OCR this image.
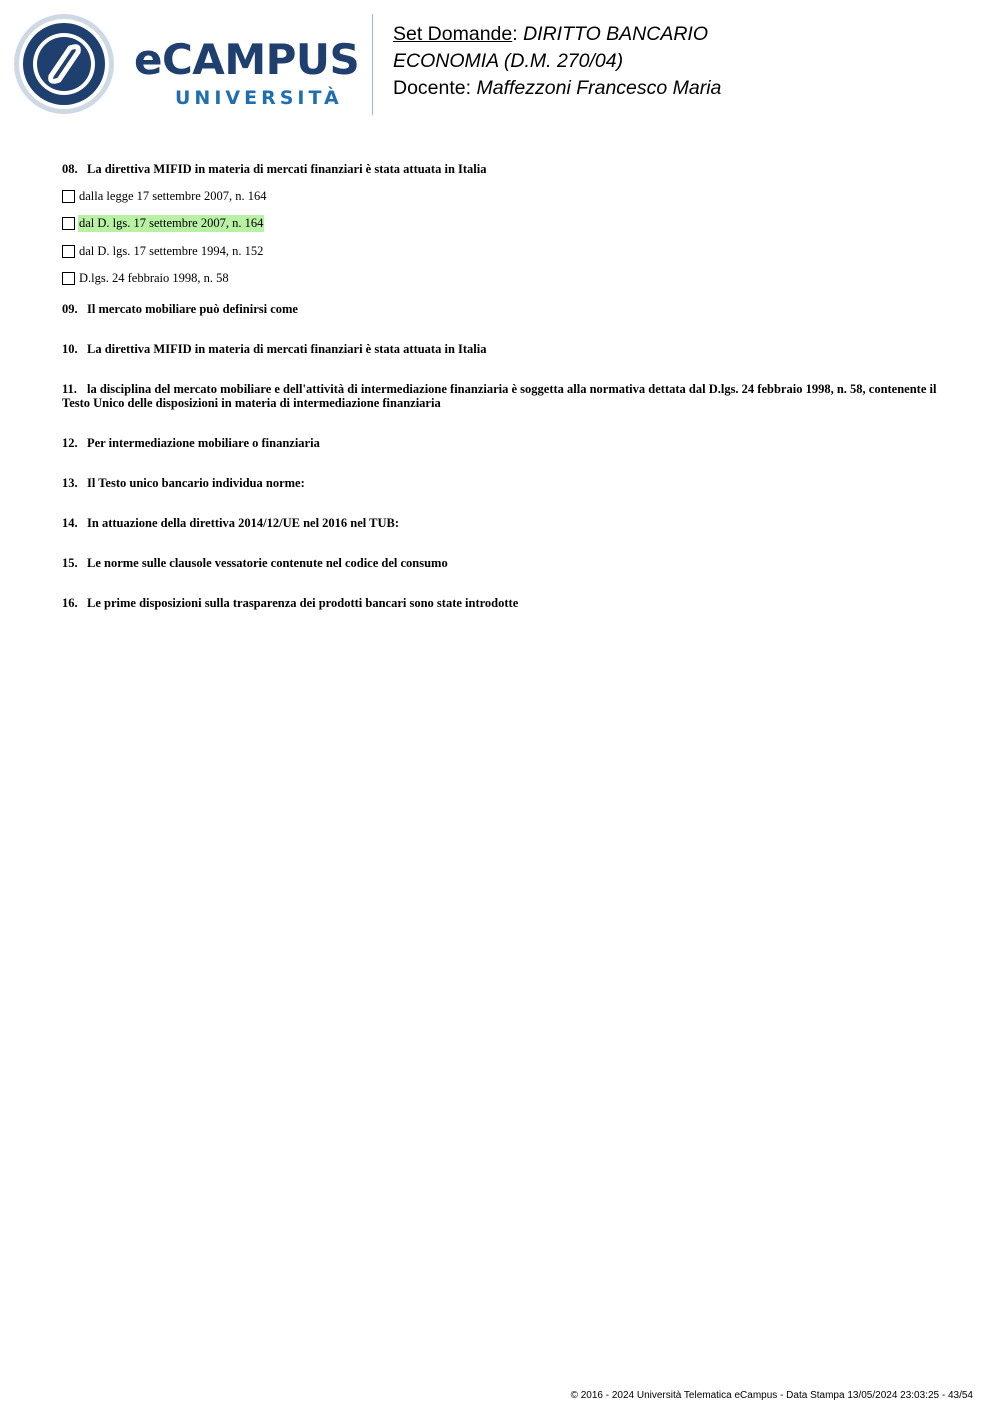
eCAMPUS
UNIVERSITÀ
Set Domande: DIRITTO BANCARIO
ECONOMIA (D.M. 270/04)
Docente: Maffezzoni Francesco Maria
08. La direttiva MIFID in materia di mercati finanziari è stata attuata in Italia
dalla legge 17 settembre 2007, n. 164
dal D. lgs. 17 settembre 2007, n. 164
dal D. lgs. 17 settembre 1994, n. 152
D.lgs. 24 febbraio 1998, n. 58
09. Il mercato mobiliare può definirsi come
10. La direttiva MIFID in materia di mercati finanziari è stata attuata in Italia
11. la disciplina del mercato mobiliare e dell'attività di intermediazione finanziaria è soggetta alla normativa dettata dal D.lgs. 24 febbraio 1998, n. 58, contenente il Testo Unico delle disposizioni in materia di intermediazione finanziaria
12. Per intermediazione mobiliare o finanziaria
13. Il Testo unico bancario individua norme:
14. In attuazione della direttiva 2014/12/UE nel 2016 nel TUB:
15. Le norme sulle clausole vessatorie contenute nel codice del consumo
16. Le prime disposizioni sulla trasparenza dei prodotti bancari sono state introdotte
© 2016 - 2024 Università Telematica eCampus - Data Stampa 13/05/2024 23:03:25 - 43/54
